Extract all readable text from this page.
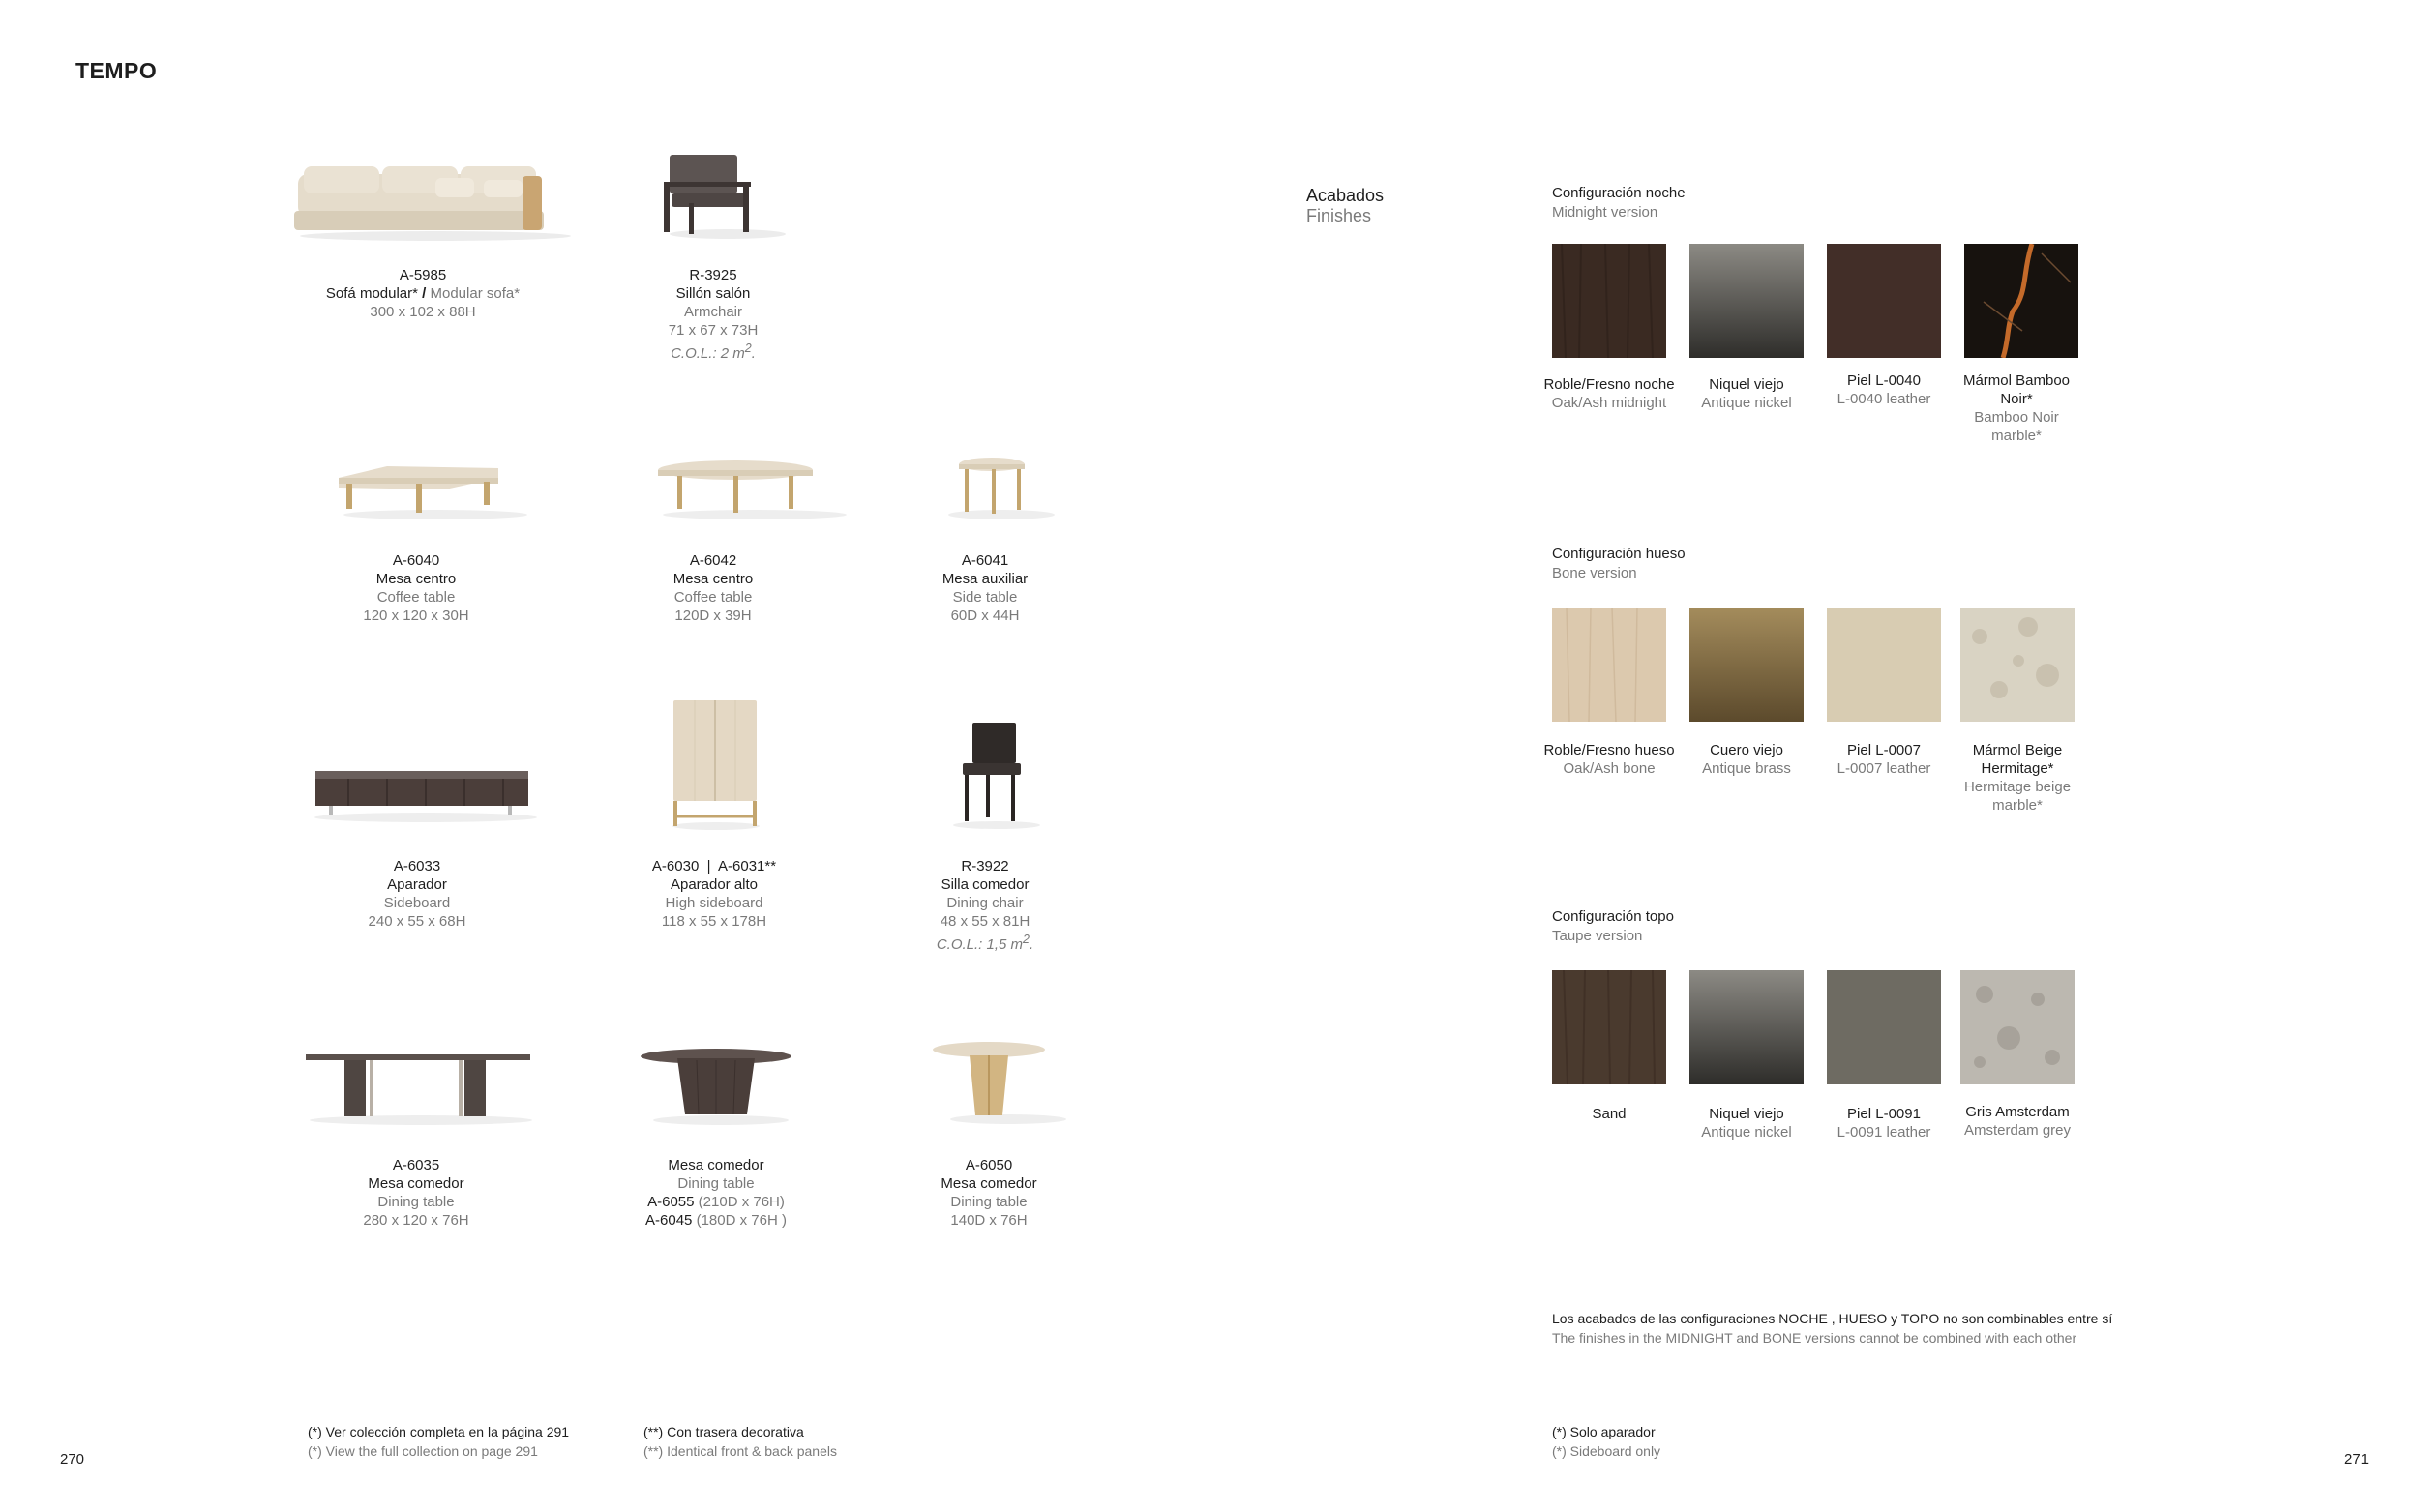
TEMPO
270	271
A-5985
Sofá modular* / Modular sofa*
300 x 102 x 88H
R-3925
Sillón salón
Armchair
71 x 67 x 73H
C.O.L.: 2 $m^2$.
A-6040
Mesa centro
Coffee table
120 x 120 x 30H
A-6042
Mesa centro
Coffee table
120D x 39H
A-6041
Mesa auxiliar
Side table
60D x 44H
A-6033
Aparador
Sideboard
240 x 55 x 68H
A-6030  |  A-6031**
Aparador alto
High sideboard
118 x 55 x 178H
R-3922
Silla comedor
Dining chair
48 x 55 x 81H
C.O.L.: 1,5 $m^2$.
A-6035
Mesa comedor
Dining table
280 x 120 x 76H
Mesa comedor
Dining table
A-6055 (210D x 76H)
A-6045 (180D x 76H )
A-6050
Mesa comedor
Dining table
140D x 76H
Acabados
Finishes
Configuración noche
Midnight version
Roble/Fresno noche
Oak/Ash midnight
Niquel viejo
Antique nickel
Piel L-0040
L-0040 leather
Mármol Bamboo Noir*
Bamboo Noir marble*
Configuración hueso
Bone version
Roble/Fresno hueso
Oak/Ash bone
Cuero viejo
Antique brass
Piel L-0007
L-0007 leather
Mármol Beige Hermitage*
Hermitage beige marble*
Configuración topo
Taupe version
Sand	Niquel viejo
Antique nickel
Piel L-0091
L-0091 leather
Gris Amsterdam
Amsterdam grey
Los acabados de las configuraciones NOCHE , HUESO y TOPO no son combinables entre sí
The finishes in the MIDNIGHT and BONE versions cannot be combined with each other
(*) Ver colección completa en la página 291
(*) View the full collection on page 291
(**) Con trasera decorativa
(**) Identical front & back panels
(*) Solo aparador
(*) Sideboard only
